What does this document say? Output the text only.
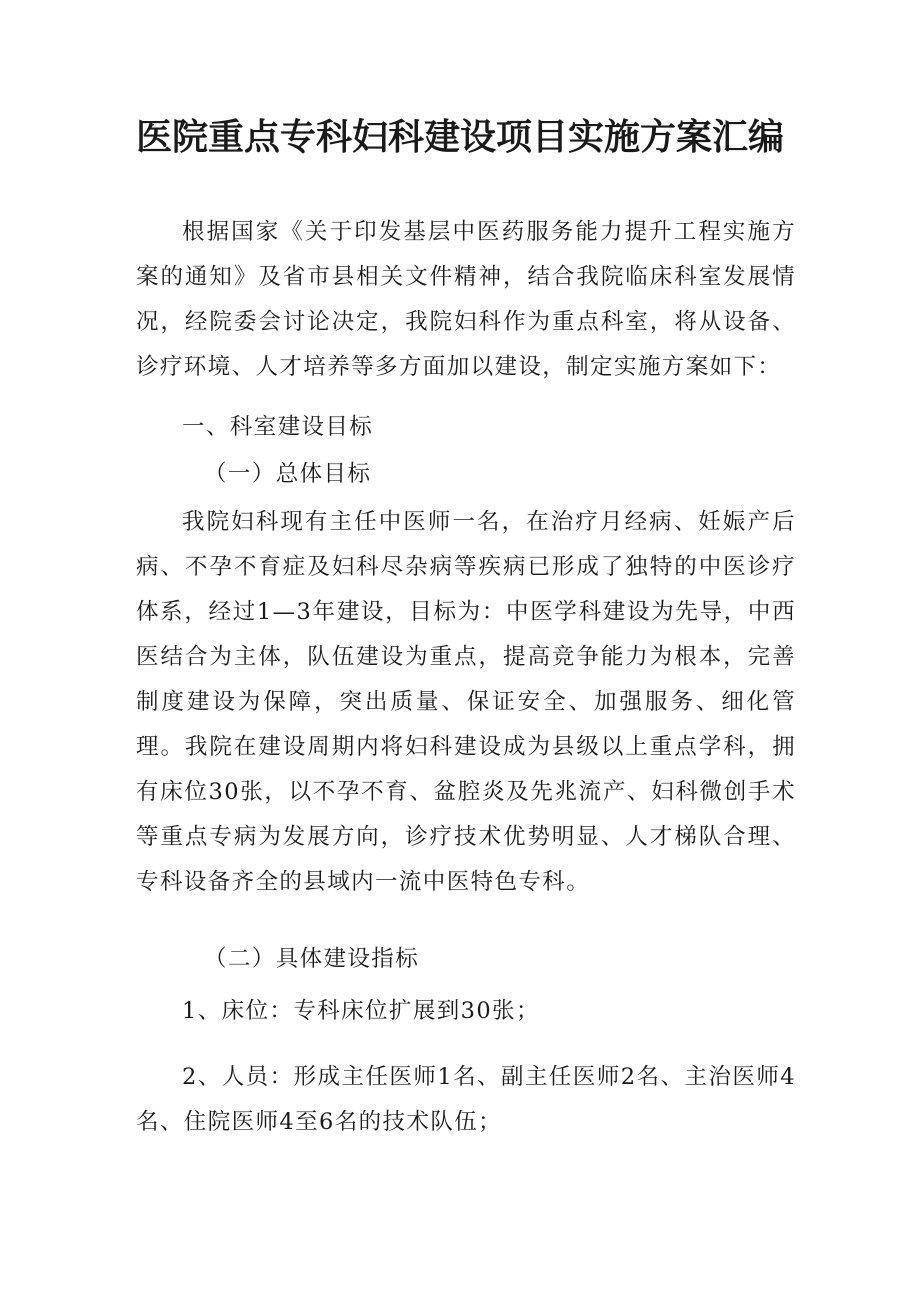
医院重点专科妇科建设项目实施方案汇编

根据国家《关于印发基层中医药服务能力提升工程实施方案的通知》及省市县相关文件精神，结合我院临床科室发展情况，经院委会讨论决定，我院妇科作为重点科室，将从设备、诊疗环境、人才培养等多方面加以建设，制定实施方案如下：

一、科室建设目标

（一）总体目标

我院妇科现有主任中医师一名，在治疗月经病、妊娠产后病、不孕不育症及妇科尽杂病等疾病已形成了独特的中医诊疗体系，经过1—3年建设，目标为：中医学科建设为先导，中西医结合为主体，队伍建设为重点，提高竞争能力为根本，完善制度建设为保障，突出质量、保证安全、加强服务、细化管理。我院在建设周期内将妇科建设成为县级以上重点学科，拥有床位30张，以不孕不育、盆腔炎及先兆流产、妇科微创手术等重点专病为发展方向，诊疗技术优势明显、人才梯队合理、专科设备齐全的县域内一流中医特色专科。

（二）具体建设指标

1、床位：专科床位扩展到30张；

2、人员：形成主任医师1名、副主任医师2名、主治医师4名、住院医师4至6名的技术队伍；
